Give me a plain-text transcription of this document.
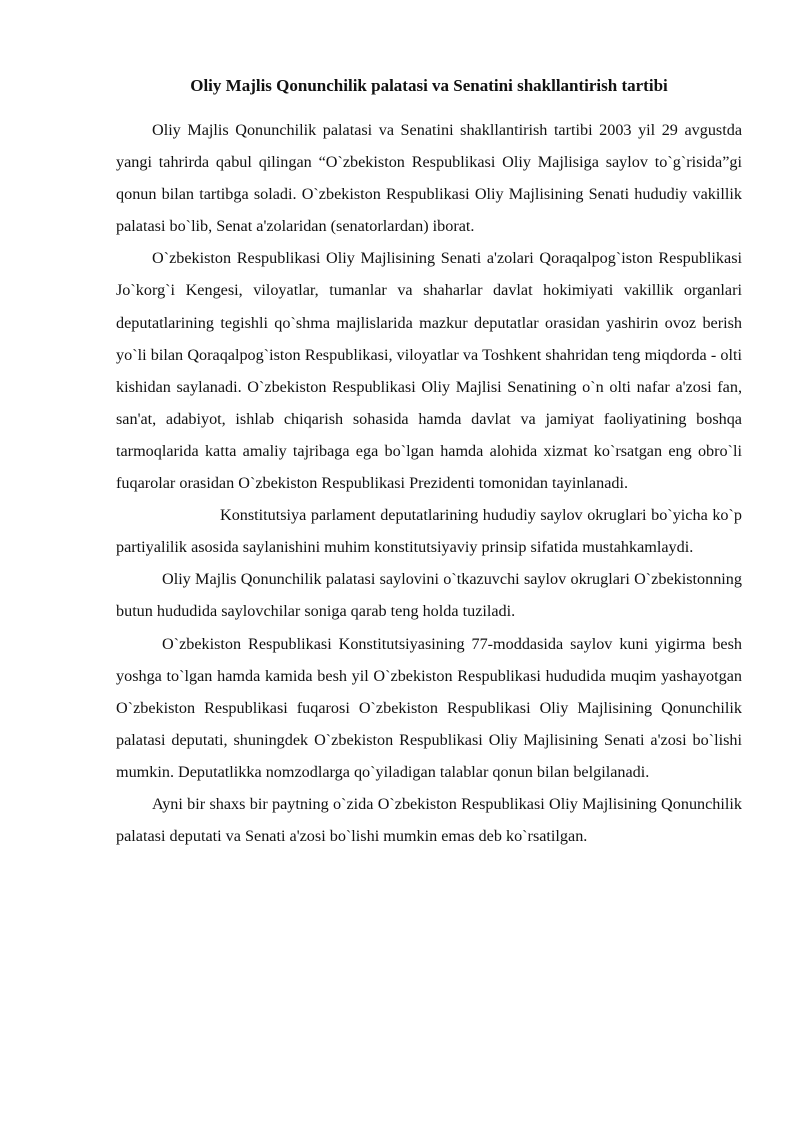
Oliy Majlis Qonunchilik palatasi va Senatini shakllantirish tartibi

Oliy Majlis Qonunchilik palatasi va Senatini shakllantirish tartibi 2003 yil 29 avgustda yangi tahrirda qabul qilingan “O`zbekiston Respublikasi Oliy Majlisiga saylov to`g`risida”gi qonun bilan tartibga soladi. O`zbekiston Respublikasi Oliy Majlisining Senati hududiy vakillik palatasi bo`lib, Senat a'zolaridan (senatorlardan) iborat.

O`zbekiston Respublikasi Oliy Majlisining Senati a'zolari Qoraqalpog`iston Respublikasi Jo`korg`i Kengesi, viloyatlar, tumanlar va shaharlar davlat hokimiyati vakillik organlari deputatlarining tegishli qo`shma majlislarida mazkur deputatlar orasidan yashirin ovoz berish yo`li bilan Qoraqalpog`iston Respublikasi, viloyatlar va Toshkent shahridan teng miqdorda - olti kishidan saylanadi. O`zbekiston Respublikasi Oliy Majlisi Senatining o`n olti nafar a'zosi fan, san'at, adabiyot, ishlab chiqarish sohasida hamda davlat va jamiyat faoliyatining boshqa tarmoqlarida katta amaliy tajribaga ega bo`lgan hamda alohida xizmat ko`rsatgan eng obro`li fuqarolar orasidan O`zbekiston Respublikasi Prezidenti tomonidan tayinlanadi.

Konstitutsiya parlament deputatlarining hududiy saylov okruglari bo`yicha ko`p partiyalilik asosida saylanishini muhim konstitutsiyaviy prinsip sifatida mustahkamlaydi.

Oliy Majlis Qonunchilik palatasi saylovini o`tkazuvchi saylov okruglari O`zbekistonning butun hududida saylovchilar soniga qarab teng holda tuziladi.

O`zbekiston Respublikasi Konstitutsiyasining 77-moddasida saylov kuni yigirma besh yoshga to`lgan hamda kamida besh yil O`zbekiston Respublikasi hududida muqim yashayotgan O`zbekiston Respublikasi fuqarosi O`zbekiston Respublikasi Oliy Majlisining Qonunchilik palatasi deputati, shuningdek O`zbekiston Respublikasi Oliy Majlisining Senati a'zosi bo`lishi mumkin. Deputatlikka nomzodlarga qo`yiladigan talablar qonun bilan belgilanadi.

Ayni bir shaxs bir paytning o`zida O`zbekiston Respublikasi Oliy Majlisining Qonunchilik palatasi deputati va Senati a'zosi bo`lishi mumkin emas deb ko`rsatilgan.
